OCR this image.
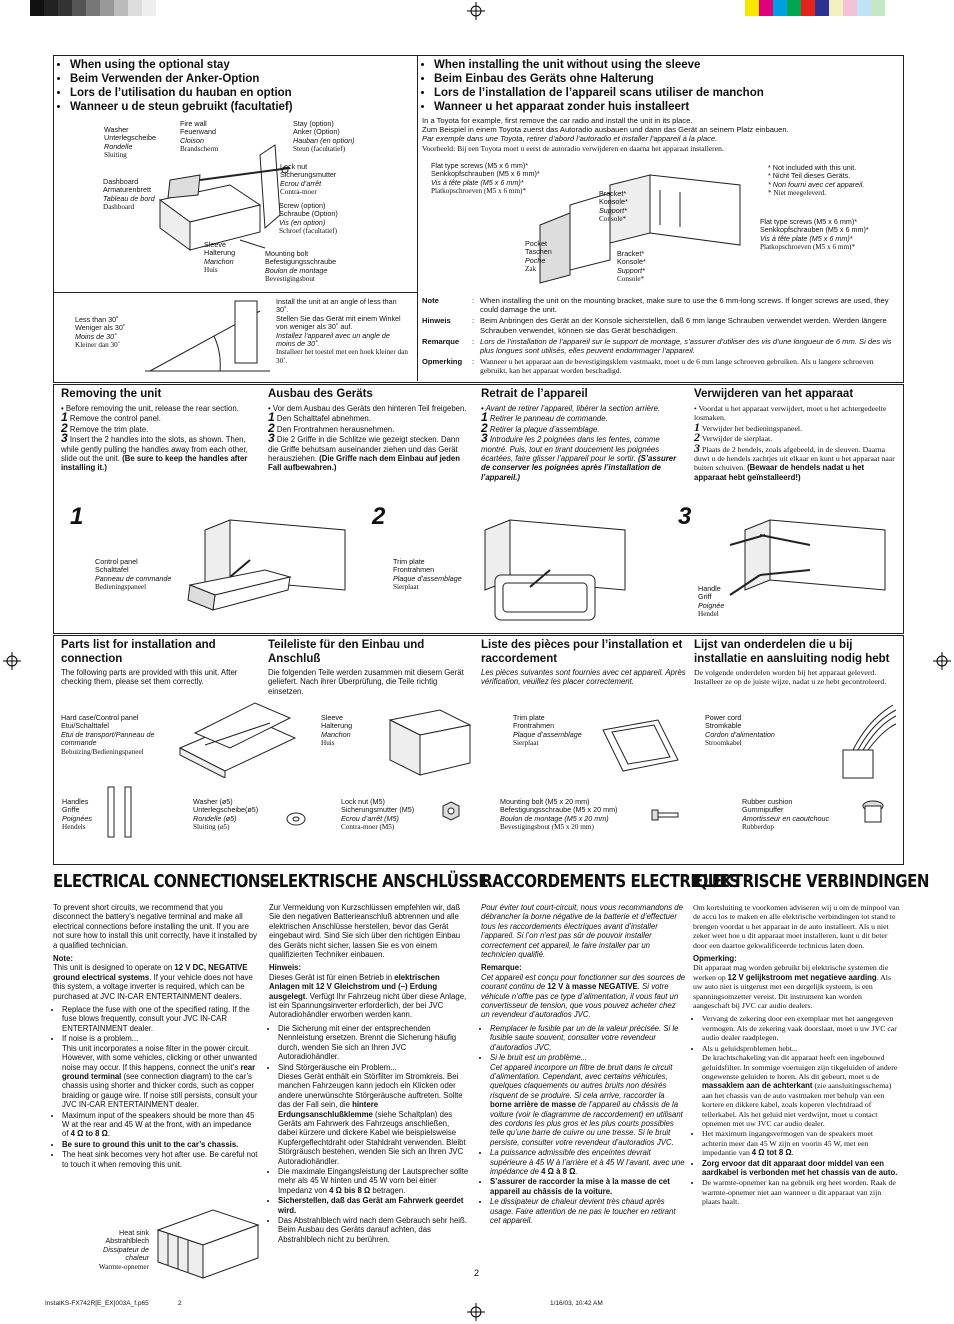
• When using the optional stay
• Beim Verwenden der Anker-Option
• Lors de l’utilisation du hauban en option
• Wanneer u de steun gebruikt (facultatief)
Washer
Unterlegscheibe
Rondelle
Sluiting
Fire wall
Feuerwand
Cloison
Brandscherm
Stay (option)
Anker (Option)
Hauban (en option)
Steun (facultatief)
Lock nut
Sicherungsmutter
Ecrou d’arrêt
Contra-moer
Dashboard
Armaturenbrett
Tableau de bord
Dashboard	Screw (option)
Schraube (Option)
Vis (en option)
Schroef (facultatief)
Sleeve
Halterung
Manchon
Huis
Mounting bolt
Befestigungsschraube
Boulon de montage
Bevestigingsbout
Less than 30˚
Weniger als 30˚
Moins de 30˚
Kleiner dan 30˚
Install the unit at an angle of less than 30˚.
Stellen Sie das Gerät mit einem Winkel von weniger als 30˚ auf.
Installez l’appareil avec un angle de moins de 30˚.
Installeer het toestel met een hoek kleiner dan 30˚.
• When installing the unit without using the sleeve
• Beim Einbau des Geräts ohne Halterung
• Lors de l’installation de l’appareil scans utiliser de manchon
• Wanneer u het apparaat zonder huis installeert
In a Toyota for example, first remove the car radio and install the unit in its place.
Zum Beispiel in einem Toyota zuerst das Autoradio ausbauen und dann das Gerät an seinem Platz einbauen.
Par exemple dans une Toyota, retirer d’abord l’autoradio et installer l’appareil à la place.
Voorbeeld: Bij een Toyota moet u eerst de autoradio verwijderen en daarna het apparaat installeren.
Flat type screws (M5 x 6 mm)*
Senkkopfschrauben (M5 x 6 mm)*
Vis à tête plate (M5 x 6 mm)*
Platkopschroeven (M5 x 6 mm)*
* Not included with this unit.
* Nicht Teil dieses Geräts.
* Non fourni avec cet appareil.
* Niet meegeleverd.
Bracket*
Konsole*
Support*
Console*	Flat type screws (M5 x 6 mm)*
Senkkopfschrauben (M5 x 6 mm)*
Vis à tête plate (M5 x 6 mm)*
Platkopschroeven (M5 x 6 mm)*
Pocket
Taschen
Poche
Zak
Bracket*
Konsole*
Support*
Console*
Note	: When installing the unit on the mounting bracket, make sure to use the 6 mm-long screws. If longer screws are used, they could damage the unit.
Hinweis	: Beim Anbringen des Gerät an der Konsole sicherstellen, daß 6 mm lange Schrauben verwendet werden. Werden längere Schrauben verwendet, können sie das Gerät beschädigen.
Remarque	: Lors de l’installation de l’appareil sur le support de montage, s’assurer d’utiliser des vis d’une longueur de 6 mm. Si des vis plus longues sont utilisés, elles peuvent endommager l’appareil.
Opmerking	: Wanneer u het apparaat aan de bevestigingsklem vastmaakt, moet u de 6 mm lange schroeven gebruiken. Als u langere schroeven gebruikt, kan het apparaat worden beschadigd.
Removing the unit
• Before removing the unit, release the rear section.
1 Remove the control panel.
2 Remove the trim plate.
3 Insert the 2 handles into the slots, as shown. Then, while gently pulling the handles away from each other, slide out the unit. (Be sure to keep the handles after installing it.)
Ausbau des Geräts
• Vor dem Ausbau des Geräts den hinteren Teil freigeben.
1 Den Schalttafel abnehmen.
2 Den Frontrahmen herausnehmen.
3 Die 2 Griffe in die Schlitze wie gezeigt stecken. Dann die Griffe behutsam auseinander ziehen und das Gerät herausziehen. (Die Griffe nach dem Einbau auf jeden Fall aufbewahren.)
Retrait de l’appareil
• Avant de retirer l’appareil, libérer la section arrière.
1 Retirer le panneau de commande.
2 Retirer la plaque d’assemblage.
3 Introduire les 2 poignées dans les fentes, comme montré. Puis, tout en tirant doucement les poignées écartées, faire glisser l’appareil pour le sortir. (S’assurer de conserver les poignées après l’installation de l’appareil.)
Verwijderen van het apparaat
• Voordat u het apparaat verwijdert, moet u het achtergedeelte losmaken.
1 Verwijder het bedieningspaneel.
2 Verwijder de sierplaat.
3 Plaats de 2 hendels, zoals afgebeeld, in de sleuven. Daarna duwt u de hendels zachtjes uit elkaar en kunt u het apparaat naar buiten schuiven. (Bewaar de hendels nadat u het apparaat hebt geïnstalleerd!)
1	2	3
Control panel
Schalttafel
Panneau de commande
Bedieningspaneel
Trim plate
Frontrahmen
Plaque d’assemblage
Sierplaat	Handle
Griff
Poignée
Hendel
Parts list for installation and connection
The following parts are provided with this unit. After checking them, please set them correctly.
Teileliste für den Einbau und Anschluß
Die folgenden Teile werden zusammen mit diesem Gerät geliefert. Nach ihrer Überprüfung, die Teile richtig einsetzen.
Liste des pièces pour l’installation et raccordement
Les pièces suivantes sont fournies avec cet appareil. Après vérification, veuillez les placer correctement.
Lijst van onderdelen die u bij installatie en aansluiting nodig hebt
De volgende onderdelen worden bij het apparaat geleverd. Installeer ze op de juiste wijze, nadat u ze hebt gecontroleerd.
Hard case/Control panel
Etui/Schalttafel
Etui de transport/Panneau de commande
Behuizing/Bedieningspaneel
Sleeve
Halterung
Manchon
Huis
Trim plate
Frontrahmen
Plaque d’assemblage
Sierplaat
Power cord
Stromkable
Cordon d’alimentation
Stroomkabel
Handles
Griffe
Poignées
Hendels
Washer (ø5)
Unterlegscheibe(ø5)
Rondelle (ø5)
Sluiting (ø5)
Lock nut (M5)
Sicherungsmutter (M5)
Ecrou d’arrêt (M5)
Contra-moer (M5)
Mounting bolt (M5 x 20 mm)
Befestigungsschraube (M5 x 20 mm)
Boulon de montage (M5 x 20 mm)
Bevestigingsbout (M5 x 20 mm)
Rubber cushion
Gummipuffer
Amortisseur en caoutchouc
Rubberdop
ELECTRICAL CONNECTIONS
ELEKTRISCHE ANSCHLÜSSE
RACCORDEMENTS ELECTRIQUES
ELEKTRISCHE VERBINDINGEN

To prevent short circuits, we recommend that you disconnect the battery’s negative terminal and make all electrical connections before installing the unit. If you are not sure how to install this unit correctly, have it installed by a qualified technician.

Note:

This unit is designed to operate on 12 V DC, NEGATIVE ground electrical systems. If your vehicle does not have this system, a voltage inverter is required, which can be purchased at JVC IN-CAR ENTERTAINMENT dealers.

• Replace the fuse with one of the specified rating. If the fuse blows frequently, consult your JVC IN-CAR ENTERTAINMENT dealer.
• If noise is a problem...
This unit incorporates a noise filter in the power circuit. However, with some vehicles, clicking or other unwanted noise may occur. If this happens, connect the unit’s rear ground terminal (see connection diagram) to the car’s chassis using shorter and thicker cords, such as copper braiding or gauge wire. If noise still persists, consult your JVC IN-CAR ENTERTAINMENT dealer.
• Maximum input of the speakers should be more than 45 W at the rear and 45 W at the front, with an impedance of 4 Ω to 8 Ω.
• Be sure to ground this unit to the car’s chassis.
• The heat sink becomes very hot after use. Be careful not to touch it when removing this unit.

Zur Vermeidung von Kurzschlüssen empfehlen wir, daß Sie den negativen Batterieanschluß abtrennen und alle elektrischen Anschlüsse herstellen, bevor das Gerät eingebaut wird. Sind Sie sich über den richtigen Einbau des Geräts nicht sicher, lassen Sie es von einem qualifizierten Techniker einbauen.

Hinweis:

Dieses Gerät ist für einen Betrieb in elektrischen Anlagen mit 12 V Gleichstrom und (–) Erdung ausgelegt. Verfügt Ihr Fahrzeug nicht über diese Anlage, ist ein Spannungsinverter erforderlich, der bei JVC Autoradiohändler erworben werden kann.

• Die Sicherung mit einer der entsprechenden Nennleistung ersetzen. Brennt die Sicherung häufig durch, wenden Sie sich an Ihren JVC Autoradiohändler.
• Sind Störgeräusche ein Problem...
Dieses Gerät enthält ein Störfilter im Stromkreis. Bei manchen Fahrzeugen kann jedoch ein Klicken oder andere unerwünschte Störgeräusche auftreten. Sollte das der Fall sein, die hintere Erdungsanschlußklemme (siehe Schaltplan) des Geräts am Fahrwerk des Fahrzeugs anschließen, dabei kürzere und dickere Kabel wie beispielsweise Kupfergeflechtdraht oder Stahldraht verwenden. Bleibt Störgräusch bestehen, wenden Sie sich an Ihren JVC Autoradiohändler.
• Die maximale Eingangsleistung der Lautsprecher sollte mehr als 45 W hinten und 45 W vorn bei einer Impedanz von 4 Ω bis 8 Ω betragen.
• Sicherstellen, daß das Gerät am Fahrwerk geerdet wird.
• Das Abstrahlblech wird nach dem Gebrauch sehr heiß. Beim Ausbau des Geräts darauf achten, das Abstrahlblech nicht zu berühren.

Pour éviter tout court-circuit, nous vous recommandons de débrancher la borne négative de la batterie et d’effectuer tous les raccordements électriques avant d’installer l’appareil. Si l’on n’est pas sûr de pouvoir installer correctement cet appareil, le faire installer par un technicien qualifié.

Remarque:

Cet appareil est conçu pour fonctionner sur des sources de courant continu de 12 V à masse NEGATIVE. Si votre véhicule n’offre pas ce type d’alimentation, il vous faut un convertisseur de tension, que vous pouvez acheter chez un revendeur d’autoradios JVC.

• Remplacer le fusible par un de la valeur précisée. Si le fusible saute souvent, consulter votre revendeur d’autoradios JVC.
• Si le bruit est un problème...
Cet appareil incorpore un filtre de bruit dans le circuit d’alimentation. Cependant, avec certains véhicules, quelques claquements ou autres bruits non désirés risquent de se produire. Si cela arrive, raccorder la borne arrière de masse de l’appareil au châssis de la voiture (voir le diagramme de raccordement) en utilisant des cordons les plus gros et les plus courts possibles telle qu’une barre de cuivre ou une tresse. Si le bruit persiste, consulter votre revendeur d’autoradios JVC.
• La puissance admissible des enceintes devrait supérieure à 45 W à l’arrière et à 45 W l’avant, avec une impédance de 4 Ω à 8 Ω.
• S’assurer de raccorder la mise à la masse de cet appareil au châssis de la voiture.
• Le dissipateur de chaleur devient très chaud après usage. Faire attention de ne pas le toucher en retirant cet appareil.

Om kortsluiting te voorkomen adviseren wij u om de minpool van de accu los te maken en alle elektrische verbindingen tot stand te brengen voordat u het apparaat in de auto installeert. Als u niet zeker weet hoe u dit apparaat moet installeren, kunt u dit beter door een daartoe gekwalificeerde technicus laten doen.

Opmerking:

Dit apparaat mag worden gebruikt bij elektrische systemen die werken op 12 V gelijkstroom met negatieve aarding. Als uw auto niet is uitgerust met een dergelijk systeem, is een spanningsomzetter vereist. Dit instrument kan worden aangeschaft bij JVC car audio dealers.

• Vervang de zekering door een exemplaar met het aangegeven vermogen. Als de zekering vaak doorslaat, moet u uw JVC car audio dealer raadplegen.
• Als u geluidsproblemen hebt...
De krachtschakeling van dit apparaat heeft een ingebouwd geluidsfilter. In sommige voertuigen zijn tikgeluiden of andere ongewenste geluiden te horen. Als dit gebeurt, moet u de massaklem aan de achterkant (zie aansluitingsschema) aan het chassis van de auto vastmaken met behulp van een kortere en dikkere kabel, zoals koperen vlechtdraad of tellerkabel. Als het geluid niet verdwijnt, moet u contact opnemen met uw JVC car audio dealer.
• Het maximum ingangsvermogen van de speakers moet achterin meer dan 45 W zijn en voorin 45 W, met een impedantie van 4 Ω tot 8 Ω.
• Zorg ervoor dat dit apparaat door middel van een aardkabel is verbonden met het chassis van de auto.
• De warmte-opnemer kan na gebruik erg heet worden. Raak de warmte-opnemer niet aan wanneer u dit apparaat van zijn plaats haalt.
Heat sink
Abstrahlblech
Dissipateur de chaleur
Warmte-opnemer
2
InstalKS-FX742R[E_EX]003A_f.p65	2	1/16/03, 10:42 AM
